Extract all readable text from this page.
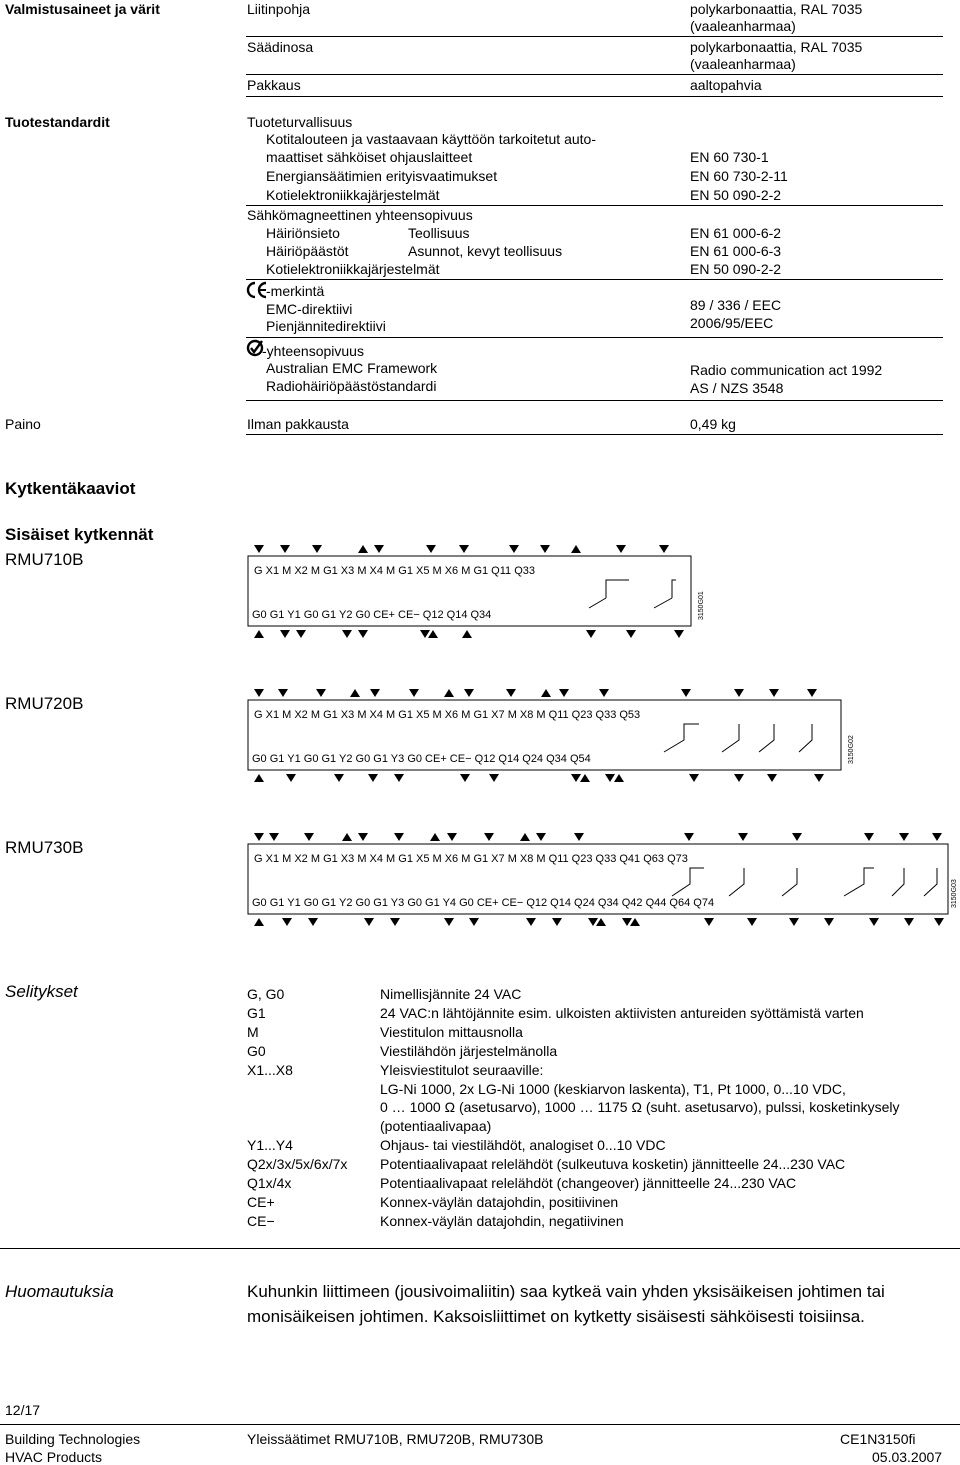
Valmistusaineet ja värit	Liitinpohja	polykarbonaattia, RAL 7035
(vaaleanharmaa)
Säädinosa	polykarbonaattia, RAL 7035
(vaaleanharmaa)
Pakkaus	aaltopahvia
Tuotestandardit	Tuoteturvallisuus
Kotitalouteen ja vastaavaan käyttöön tarkoitetut auto-
maattiset sähköiset ohjauslaitteet	EN 60 730-1
Energiansäätimien erityisvaatimukset	EN 60 730-2-11
Kotielektroniikkajärjestelmät	EN 50 090-2-2
Sähkömagneettinen yhteensopivuus
Häiriönsieto	Teollisuus	EN 61 000-6-2
Häiriöpäästöt	Asunnot, kevyt teollisuus	EN 61 000-6-3
Kotielektroniikkajärjestelmät	EN 50 090-2-2
-merkintä
EMC-direktiivi	89 / 336 / EEC
Pienjännitedirektiivi	2006/95/EEC
-yhteensopivuus
Australian EMC Framework	Radio communication act 1992
Radiohäiriöpäästöstandardi	AS / NZS 3548
Paino	Ilman pakkausta	0,49 kg
Kytkentäkaaviot
Sisäiset kytkennät
RMU710B
RMU720B
RMU730B
G X1 M X2 M G1 X3 M X4 M G1 X5 M X6 M G1 Q11 Q33
G0 G1 Y1 G0 G1 Y2 G0 CE+ CE− Q12 Q14 Q34	3150G01
G X1 M X2 M G1 X3 M X4 M G1 X5 M X6 M G1 X7 M X8 M Q11 Q23 Q33 Q53
G0 G1 Y1 G0 G1 Y2 G0 G1 Y3 G0 CE+ CE− Q12 Q14 Q24 Q34 Q54	3150G02
G X1 M X2 M G1 X3 M X4 M G1 X5 M X6 M G1 X7 M X8 M Q11 Q23 Q33 Q41 Q63 Q73
G0 G1 Y1 G0 G1 Y2 G0 G1 Y3 G0 G1 Y4 G0 CE+ CE− Q12 Q14 Q24 Q34 Q42 Q44 Q64 Q74	3150G03
Selitykset	G, G0	Nimellisjännite 24 VAC
G1	24 VAC:n lähtöjännite esim. ulkoisten aktiivisten antureiden syöttämistä varten
M	Viestitulon mittausnolla
G0	Viestilähdön järjestelmänolla
X1...X8	Yleisviestitulot seuraaville:
LG-Ni 1000, 2x LG-Ni 1000 (keskiarvon laskenta), T1, Pt 1000, 0...10 VDC,
0 … 1000 Ω (asetusarvo), 1000 … 1175 Ω (suht. asetusarvo), pulssi, kosketinkysely
(potentiaalivapaa)
Y1...Y4	Ohjaus- tai viestilähdöt, analogiset 0...10 VDC
Q2x/3x/5x/6x/7x Potentiaalivapaat relelähdöt (sulkeutuva kosketin) jännitteelle 24...230 VAC
Q1x/4x	Potentiaalivapaat relelähdöt (changeover) jännitteelle 24...230 VAC
CE+	Konnex-väylän datajohdin, positiivinen
CE−	Konnex-väylän datajohdin, negatiivinen
Huomautuksia	Kuhunkin liittimeen (jousivoimaliitin) saa kytkeä vain yhden yksisäikeisen johtimen tai
monisäikeisen johtimen. Kaksoisliittimet on kytketty sisäisesti sähköisesti toisiinsa.
12/17
Building Technologies
HVAC Products
Yleissäätimet RMU710B, RMU720B, RMU730B	CE1N3150fi
05.03.2007
